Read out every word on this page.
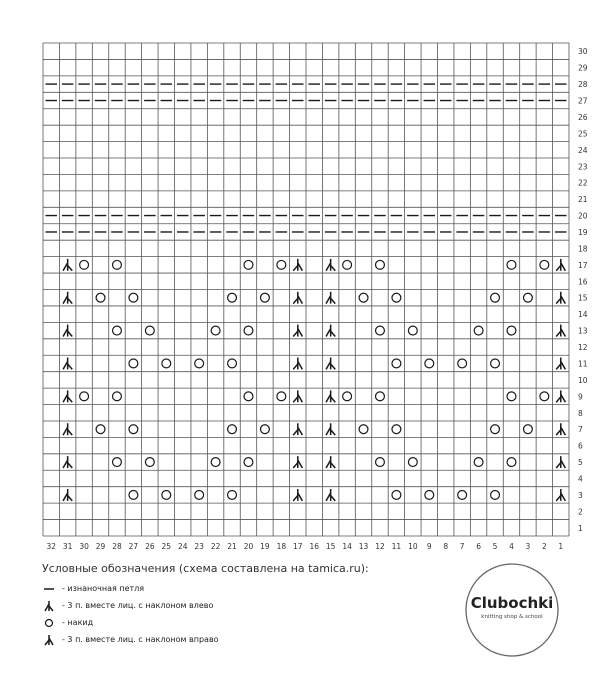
30
29
28
27
26
25
24
23
22
21
20
19
18
17
16
15
14
13
12
11
10
9
8
7
6
5
4
3
2
1
32 31 30 29 28 27 26 25 24 23 22 21 20 19 18 17 16 15 14 13 12 11 10 9 8 7 6 5 4 3 2 1
Условные обозначения (схема составлена на tamica.ru):
- изнаночная петля
- 3 п. вместе лиц. с наклоном влево
- накид
- 3 п. вместе лиц. с наклоном вправо
Clubochki
knitting shop & school
